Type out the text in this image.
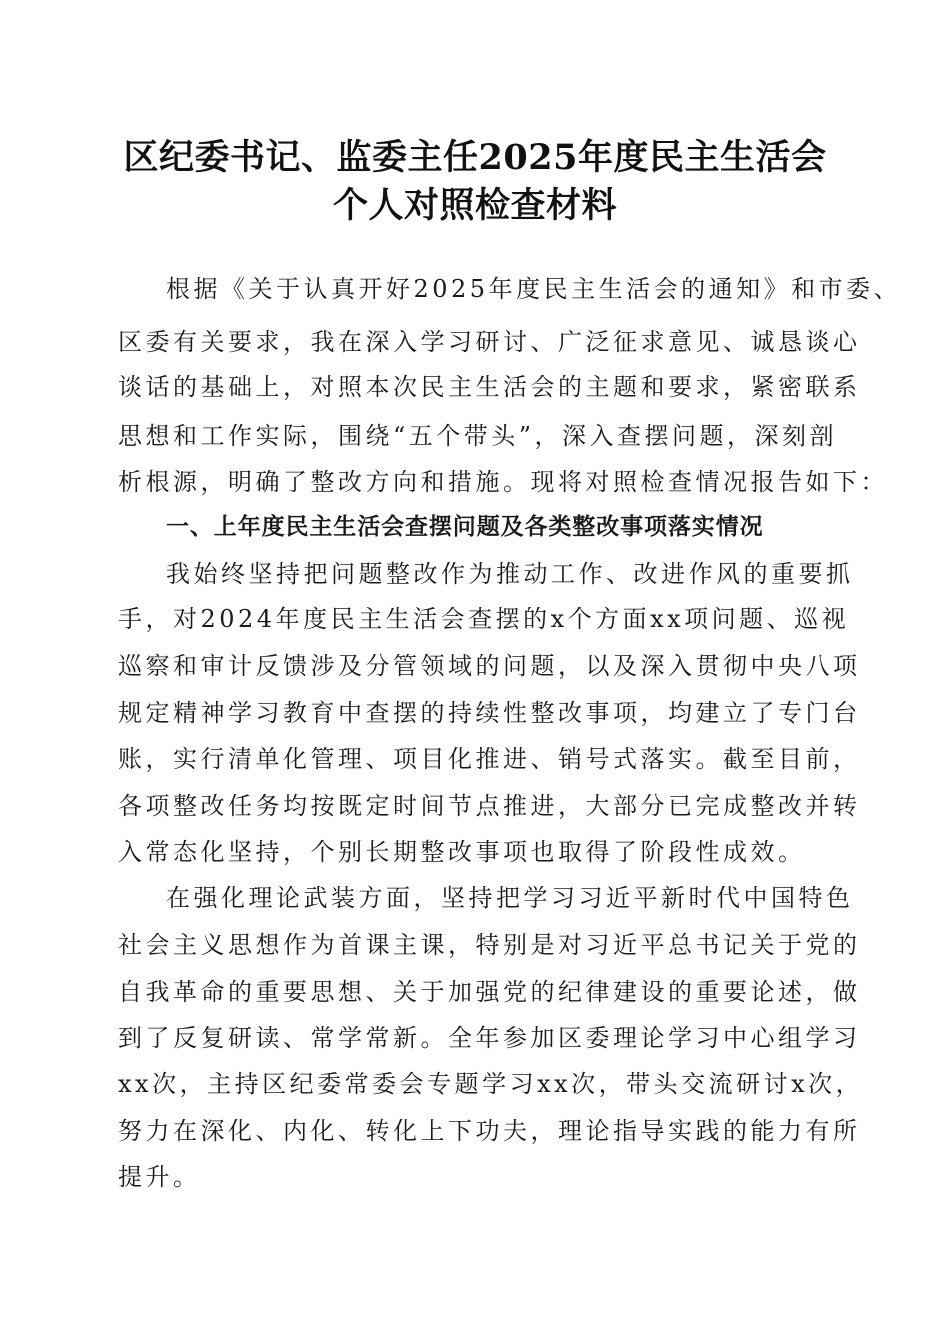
区纪委书记、监委主任2025年度民主生活会
个人对照检查材料
根据《关于认真开好2025年度民主生活会的通知》和市委、
区委有关要求，我在深入学习研讨、广泛征求意见、诚恳谈心
谈话的基础上，对照本次民主生活会的主题和要求，紧密联系
思想和工作实际，围绕“五个带头”，深入查摆问题，深刻剖
析根源，明确了整改方向和措施。现将对照检查情况报告如下：
一、上年度民主生活会查摆问题及各类整改事项落实情况
我始终坚持把问题整改作为推动工作、改进作风的重要抓
手，对2024年度民主生活会查摆的x个方面xx项问题、巡视
巡察和审计反馈涉及分管领域的问题，以及深入贯彻中央八项
规定精神学习教育中查摆的持续性整改事项，均建立了专门台
账，实行清单化管理、项目化推进、销号式落实。截至目前，
各项整改任务均按既定时间节点推进，大部分已完成整改并转
入常态化坚持，个别长期整改事项也取得了阶段性成效。
在强化理论武装方面，坚持把学习习近平新时代中国特色
社会主义思想作为首课主课，特别是对习近平总书记关于党的
自我革命的重要思想、关于加强党的纪律建设的重要论述，做
到了反复研读、常学常新。全年参加区委理论学习中心组学习
xx次，主持区纪委常委会专题学习xx次，带头交流研讨x次，
努力在深化、内化、转化上下功夫，理论指导实践的能力有所
提升。
